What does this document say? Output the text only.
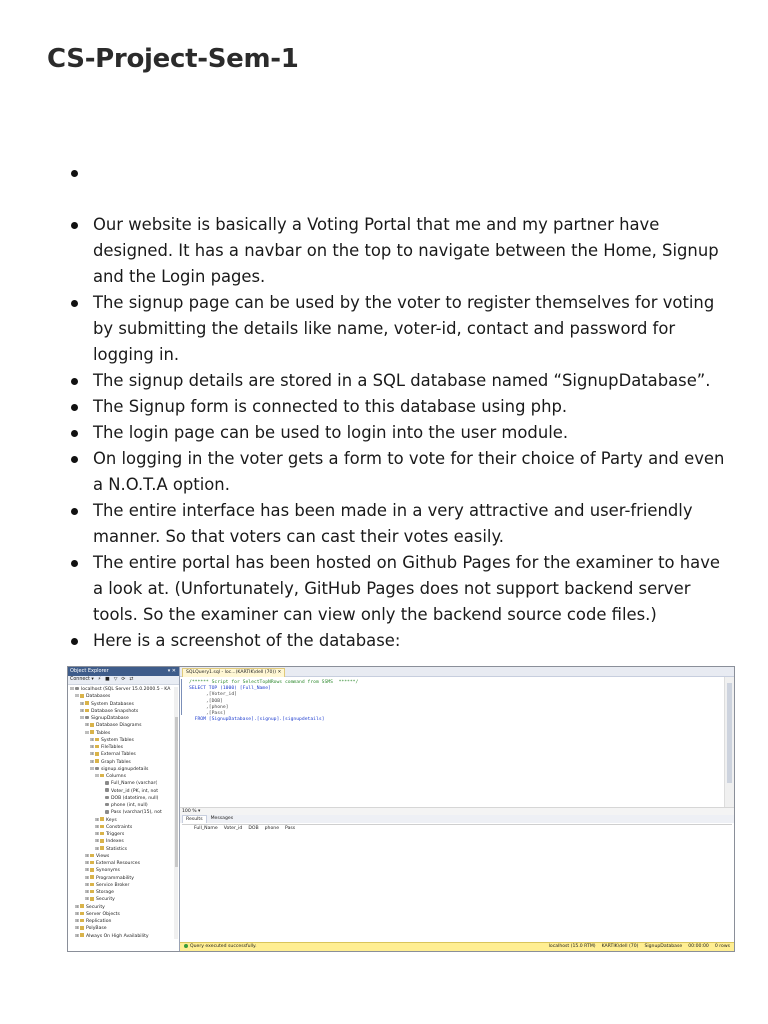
CS-Project-Sem-1
Our website is basically a Voting Portal that me and my partner have designed. It has a navbar on the top to navigate between the Home, Signup and the Login pages.
The signup page can be used by the voter to register themselves for voting by submitting the details like name, voter-id, contact and password for logging in.
The signup details are stored in a SQL database named “SignupDatabase”.
The Signup form is connected to this database using php.
The login page can be used to login into the user module.
On logging in the voter gets a form to vote for their choice of Party and even a N.O.T.A option.
The entire interface has been made in a very attractive and user-friendly manner. So that voters can cast their votes easily.
The entire portal has been hosted on Github Pages for the examiner to have a look at. (Unfortunately, GitHub Pages does not support backend server tools. So the examiner can view only the backend source code files.)
Here is a screenshot of the database:
Object Explorer	▾ ✕
Connect ▾ ⚡ ■ ▽ ⟳ ⇄
⊟ localhost (SQL Server 15.0.2000.5 - KA
⊟ Databases
⊞ System Databases
⊞ Database Snapshots
⊟ SignupDatabase
⊞ Database Diagrams
⊟ Tables
⊞ System Tables
⊞ FileTables
⊞ External Tables
⊞ Graph Tables
⊟ signup.signupdetails
⊟ Columns
Full_Name (varchar(
Voter_id (PK, int, not
DOB (datetime, null)
phone (int, null)
Pass (varchar(15), not
⊞ Keys
⊞ Constraints
⊞ Triggers
⊞ Indexes
⊞ Statistics
⊞ Views
⊞ External Resources
⊞ Synonyms
⊞ Programmability
⊞ Service Broker
⊞ Storage
⊞ Security
⊞ Security
⊞ Server Objects
⊞ Replication
⊞ PolyBase
⊞ Always On High Availability
SQLQuery1.sql - loc...(KARTIK\dell (70)) ✕
/****** Script for SelectTopNRows command from SSMS  ******/
SELECT TOP (1000) [Full_Name]
,[Voter_id]
,[DOB]
,[phone]
,[Pass]
FROM [SignupDatabase].[signup].[signupdetails]
100 % ▾
Results	Messages
Full_Name Voter_id DOB phone Pass
Query executed successfully.	localhost (15.0 RTM) KARTIK\dell (70) SignupDatabase 00:00:00 0 rows
